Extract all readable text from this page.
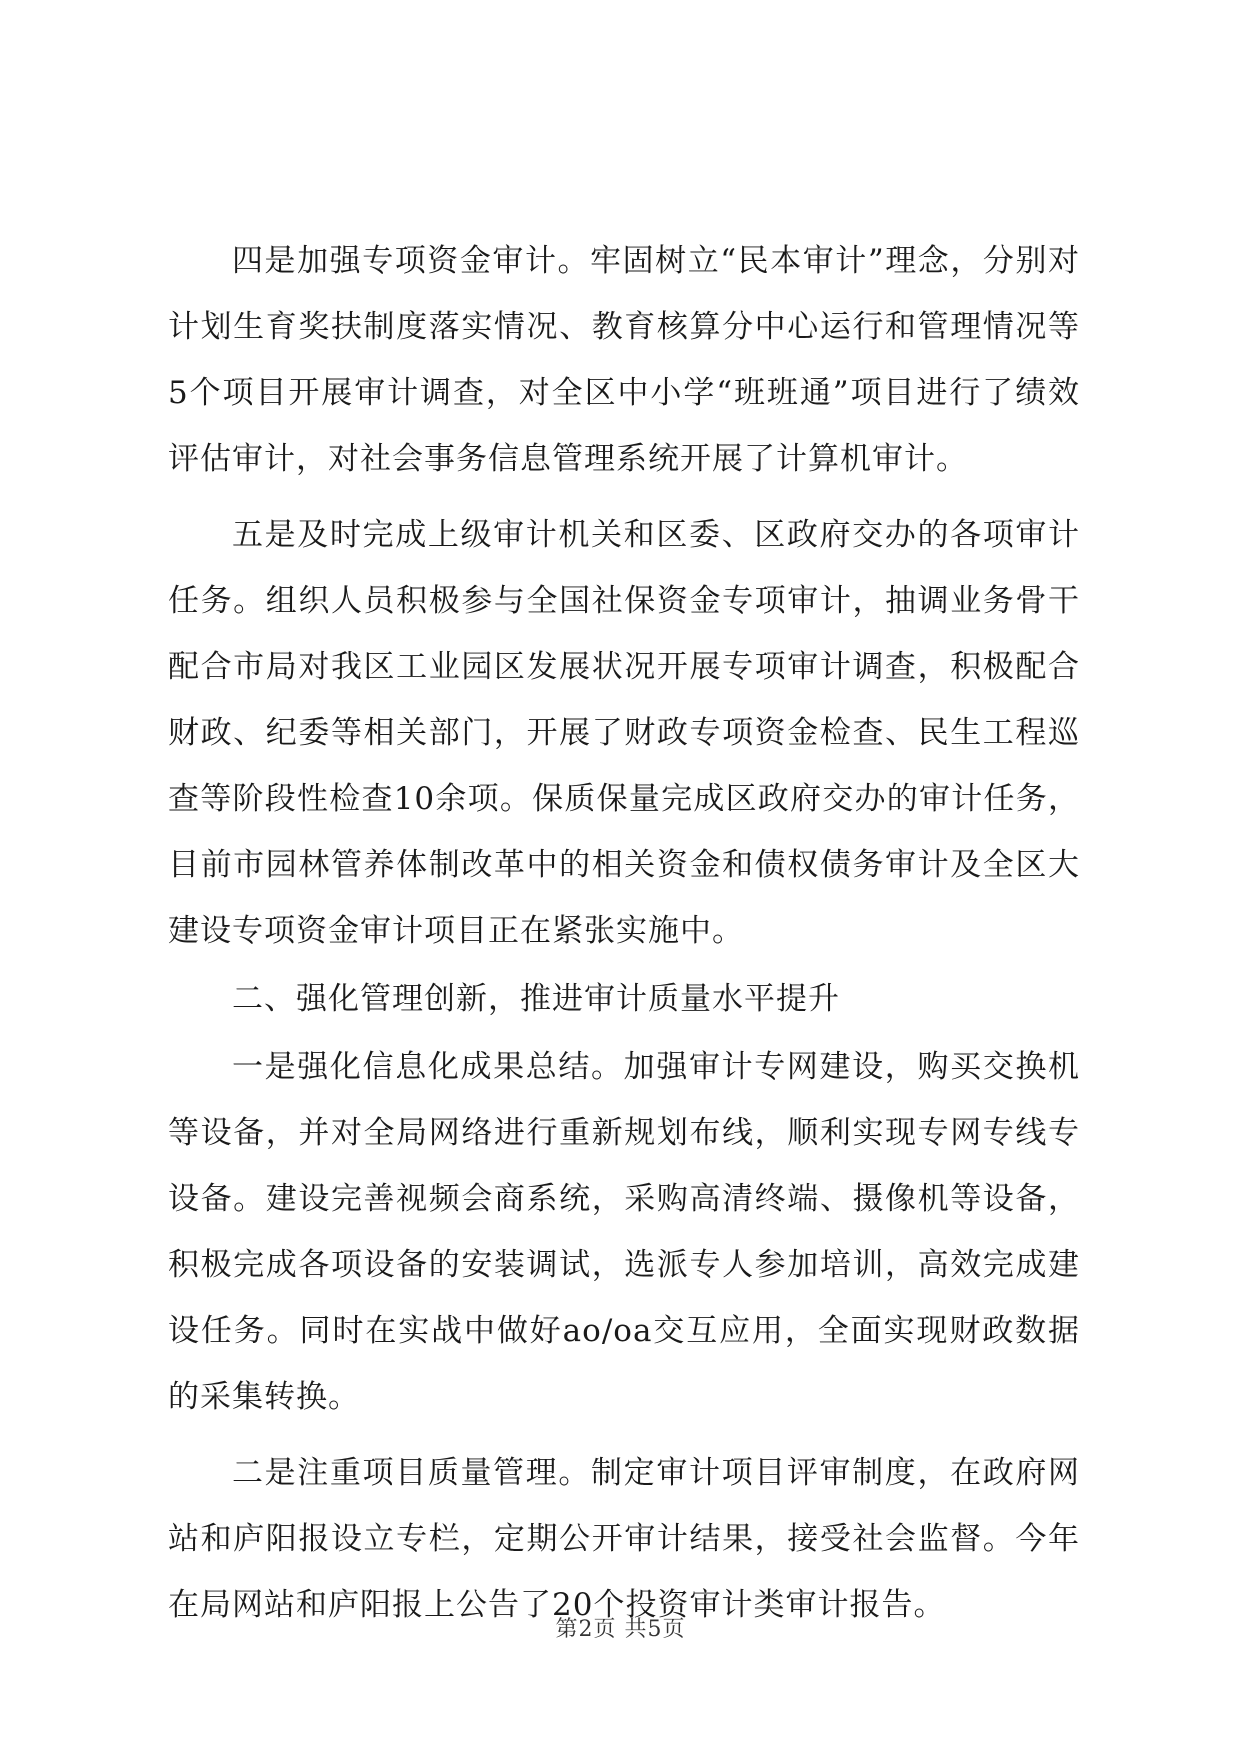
四是加强专项资金审计。牢固树立“民本审计”理念，分别对计划生育奖扶制度落实情况、教育核算分中心运行和管理情况等5个项目开展审计调查，对全区中小学“班班通”项目进行了绩效评估审计，对社会事务信息管理系统开展了计算机审计。

五是及时完成上级审计机关和区委、区政府交办的各项审计任务。组织人员积极参与全国社保资金专项审计，抽调业务骨干配合市局对我区工业园区发展状况开展专项审计调查，积极配合财政、纪委等相关部门，开展了财政专项资金检查、民生工程巡查等阶段性检查10余项。保质保量完成区政府交办的审计任务，目前市园林管养体制改革中的相关资金和债权债务审计及全区大建设专项资金审计项目正在紧张实施中。

二、强化管理创新，推进审计质量水平提升

一是强化信息化成果总结。加强审计专网建设，购买交换机等设备，并对全局网络进行重新规划布线，顺利实现专网专线专设备。建设完善视频会商系统，采购高清终端、摄像机等设备，积极完成各项设备的安装调试，选派专人参加培训，高效完成建设任务。同时在实战中做好ao/oa交互应用，全面实现财政数据的采集转换。

二是注重项目质量管理。制定审计项目评审制度，在政府网站和庐阳报设立专栏，定期公开审计结果，接受社会监督。今年在局网站和庐阳报上公告了20个投资审计类审计报告。

第2页 共5页
